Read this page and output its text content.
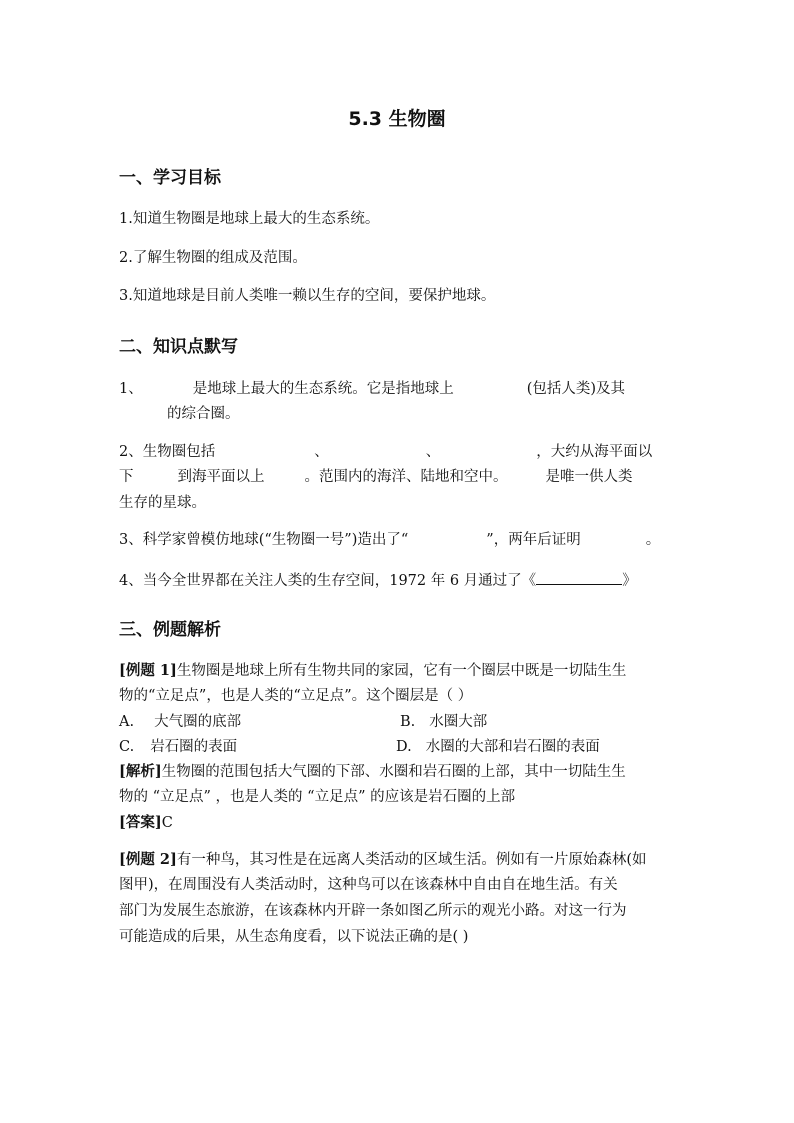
5.3 生物圈
一、学习目标
1.知道生物圈是地球上最大的生态系统。
2.了解生物圈的组成及范围。
3.知道地球是目前人类唯一赖以生存的空间，要保护地球。
二、知识点默写
1、	是地球上最大的生态系统。它是指地球上	(包括人类)及其
的综合圈。
2、生物圈包括	、	、	，大约从海平面以
下	到海平面以上	。范围内的海洋、陆地和空中。	是唯一供人类
生存的星球。
3、科学家曾模仿地球(“生物圈一号”)造出了“	”，两年后证明	。
4、当今全世界都在关注人类的生存空间，1972 年 6 月通过了《	》
三、例题解析
[例题 1]生物圈是地球上所有生物共同的家园，它有一个圈层中既是一切陆生生
物的“立足点”，也是人类的“立足点”。这个圈层是（ ）
A. 大气圈的底部	B. 水圈大部
C. 岩石圈的表面	D. 水圈的大部和岩石圈的表面
[解析]生物圈的范围包括大气圈的下部、水圈和岩石圈的上部，其中一切陆生生
物的 “立足点” ，也是人类的 “立足点” 的应该是岩石圈的上部
[答案]C
[例题 2]有一种鸟，其习性是在远离人类活动的区域生活。例如有一片原始森林(如
图甲)，在周围没有人类活动时，这种鸟可以在该森林中自由自在地生活。有关
部门为发展生态旅游，在该森林内开辟一条如图乙所示的观光小路。对这一行为
可能造成的后果，从生态角度看，以下说法正确的是( )
